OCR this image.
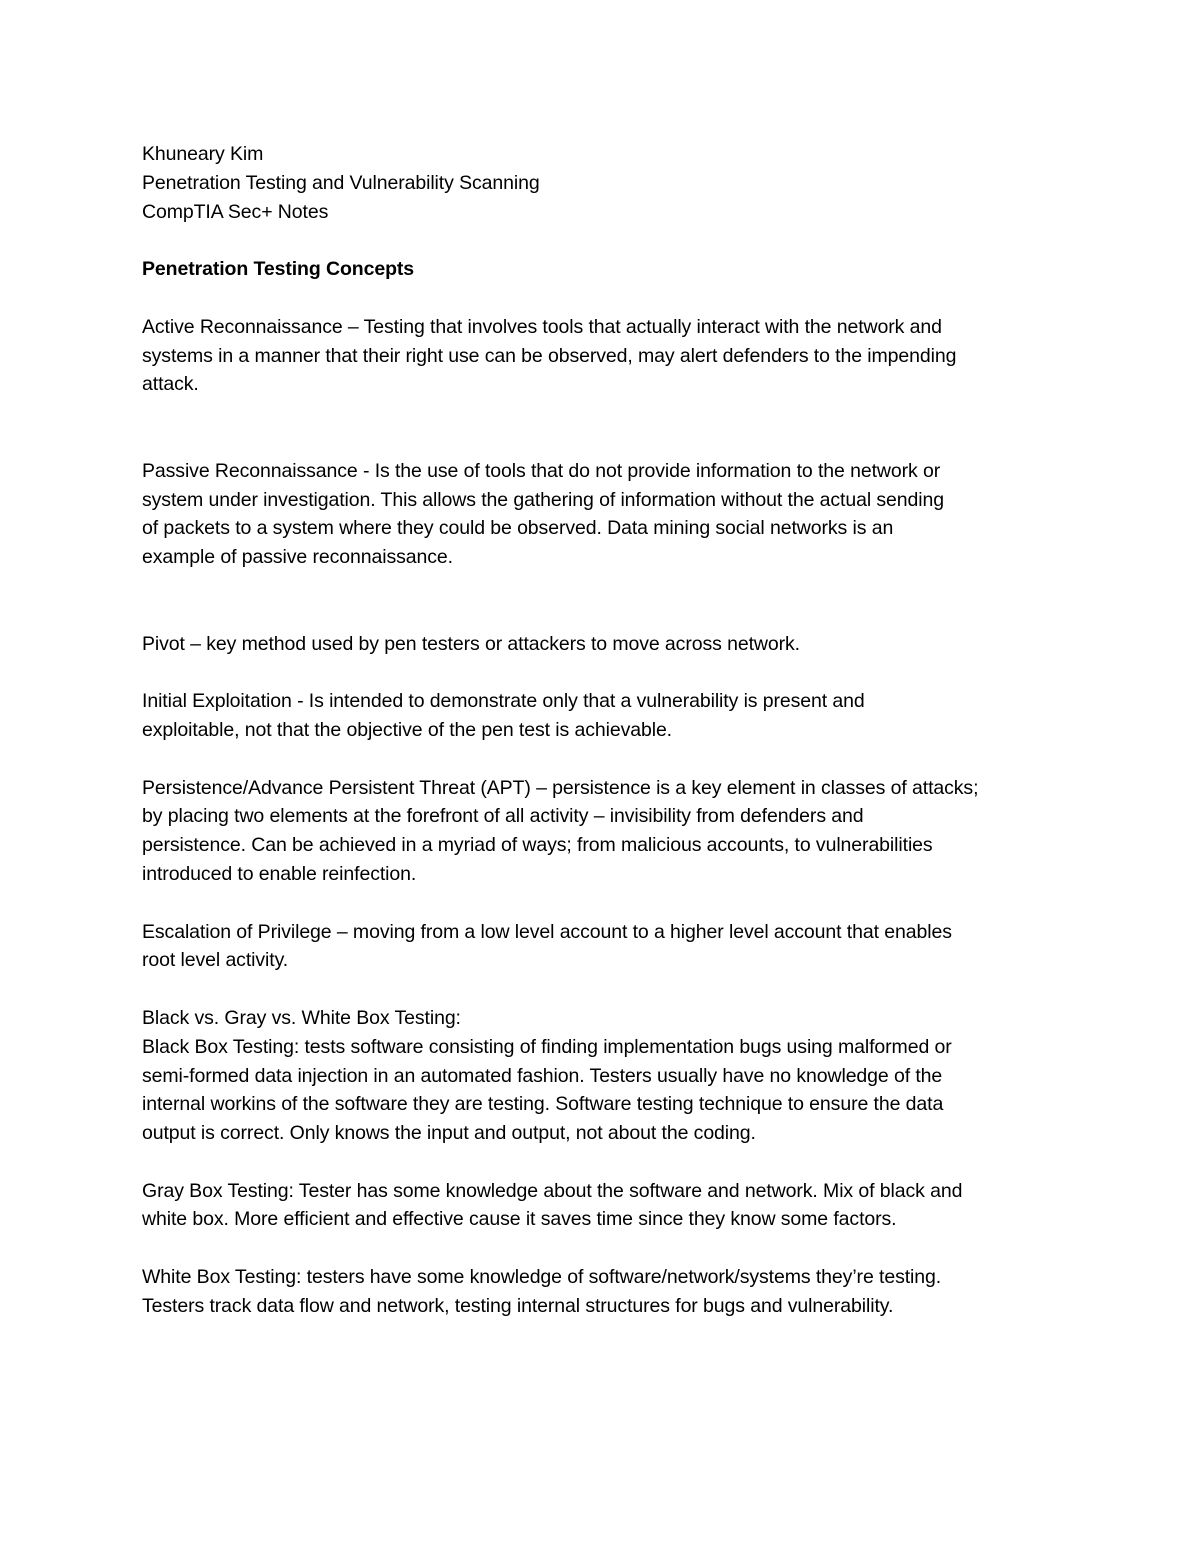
Khuneary Kim
Penetration Testing and Vulnerability Scanning
CompTIA Sec+ Notes
Penetration Testing Concepts
Active Reconnaissance – Testing that involves tools that actually interact with the network and
systems in a manner that their right use can be observed, may alert defenders to the impending
attack.
Passive Reconnaissance - Is the use of tools that do not provide information to the network or
system under investigation. This allows the gathering of information without the actual sending
of packets to a system where they could be observed. Data mining social networks is an
example of passive reconnaissance.
Pivot – key method used by pen testers or attackers to move across network.
Initial Exploitation - Is intended to demonstrate only that a vulnerability is present and
exploitable, not that the objective of the pen test is achievable.
Persistence/Advance Persistent Threat (APT) – persistence is a key element in classes of attacks;
by placing two elements at the forefront of all activity – invisibility from defenders and
persistence. Can be achieved in a myriad of ways; from malicious accounts, to vulnerabilities
introduced to enable reinfection.
Escalation of Privilege – moving from a low level account to a higher level account that enables
root level activity.
Black vs. Gray vs. White Box Testing:
Black Box Testing: tests software consisting of finding implementation bugs using malformed or
semi-formed data injection in an automated fashion. Testers usually have no knowledge of the
internal workins of the software they are testing. Software testing technique to ensure the data
output is correct. Only knows the input and output, not about the coding.
Gray Box Testing: Tester has some knowledge about the software and network. Mix of black and
white box. More efficient and effective cause it saves time since they know some factors.
White Box Testing: testers have some knowledge of software/network/systems they’re testing.
Testers track data flow and network, testing internal structures for bugs and vulnerability.
